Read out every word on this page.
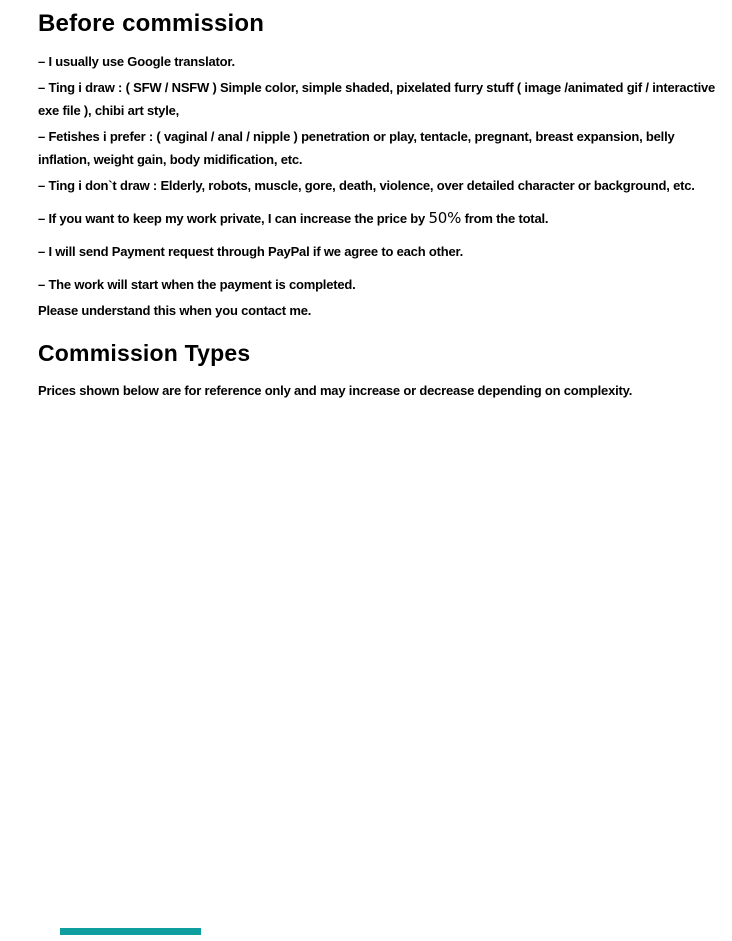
Before commission

– I usually use Google translator.

– Ting i draw : ( SFW / NSFW ) Simple color, simple shaded, pixelated furry stuff ( image /animated gif / interactive exe file ), chibi art style,

– Fetishes i prefer : ( vaginal / anal / nipple ) penetration or play, tentacle, pregnant, breast expansion, belly inflation, weight gain, body midification, etc.

– Ting i don`t draw : Elderly, robots, muscle, gore, death, violence, over detailed character or background, etc.

– If you want to keep my work private, I can increase the price by 50% from the total.

– I will send Payment request through PayPal if we agree to each other.

– The work will start when the payment is completed.

Please understand this when you contact me.

Commission Types

Prices shown below are for reference only and may increase or decrease depending on complexity.
